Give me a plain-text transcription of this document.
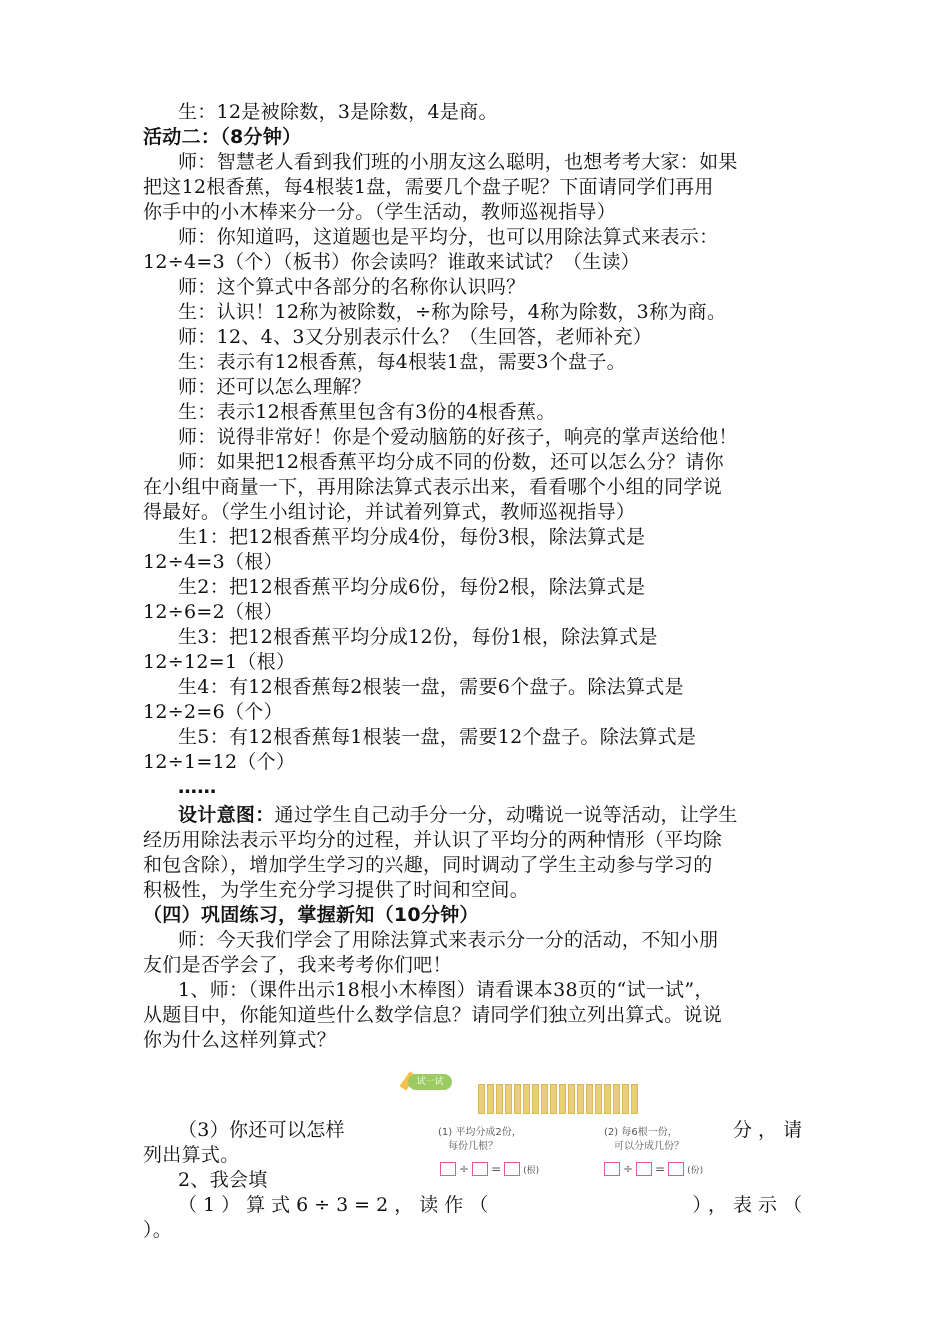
生：12是被除数，3是除数，4是商。
活动二：（8分钟）
师：智慧老人看到我们班的小朋友这么聪明，也想考考大家：如果
把这12根香蕉，每4根装1盘，需要几个盘子呢？下面请同学们再用
你手中的小木棒来分一分。（学生活动，教师巡视指导）
师：你知道吗，这道题也是平均分，也可以用除法算式来表示：
12÷4=3（个）（板书）你会读吗？谁敢来试试？（生读）
师：这个算式中各部分的名称你认识吗？
生：认识！12称为被除数，÷称为除号，4称为除数，3称为商。
师：12、4、3又分别表示什么？（生回答，老师补充）
生：表示有12根香蕉，每4根装1盘，需要3个盘子。
师：还可以怎么理解？
生：表示12根香蕉里包含有3份的4根香蕉。
师：说得非常好！你是个爱动脑筋的好孩子，响亮的掌声送给他！
师：如果把12根香蕉平均分成不同的份数，还可以怎么分？请你
在小组中商量一下，再用除法算式表示出来，看看哪个小组的同学说
得最好。（学生小组讨论，并试着列算式，教师巡视指导）
生1：把12根香蕉平均分成4份，每份3根，除法算式是
12÷4=3（根）
生2：把12根香蕉平均分成6份，每份2根，除法算式是
12÷6=2（根）
生3：把12根香蕉平均分成12份，每份1根，除法算式是
12÷12=1（根）
生4：有12根香蕉每2根装一盘，需要6个盘子。除法算式是
12÷2=6（个）
生5：有12根香蕉每1根装一盘，需要12个盘子。除法算式是
12÷1=12（个）
……
设计意图：通过学生自己动手分一分，动嘴说一说等活动，让学生
经历用除法表示平均分的过程，并认识了平均分的两种情形（平均除
和包含除），增加学生学习的兴趣，同时调动了学生主动参与学习的
积极性，为学生充分学习提供了时间和空间。
（四）巩固练习，掌握新知（10分钟）
师：今天我们学会了用除法算式来表示分一分的活动，不知小朋
友们是否学会了，我来考考你们吧！
1、师：（课件出示18根小木棒图）请看课本38页的“试一试”，
从题目中，你能知道些什么数学信息？请同学们独立列出算式。说说
你为什么这样列算式？
试一试
(1) 平均分成2份，
每份几根？
(2) 每6根一份，
可以分成几份？
÷ = (根)	÷ = (份)
（3）你还可以怎样	分，请
列出算式。
2、我会填
（1）算式6÷3=2，读作（	），表示（
）。
